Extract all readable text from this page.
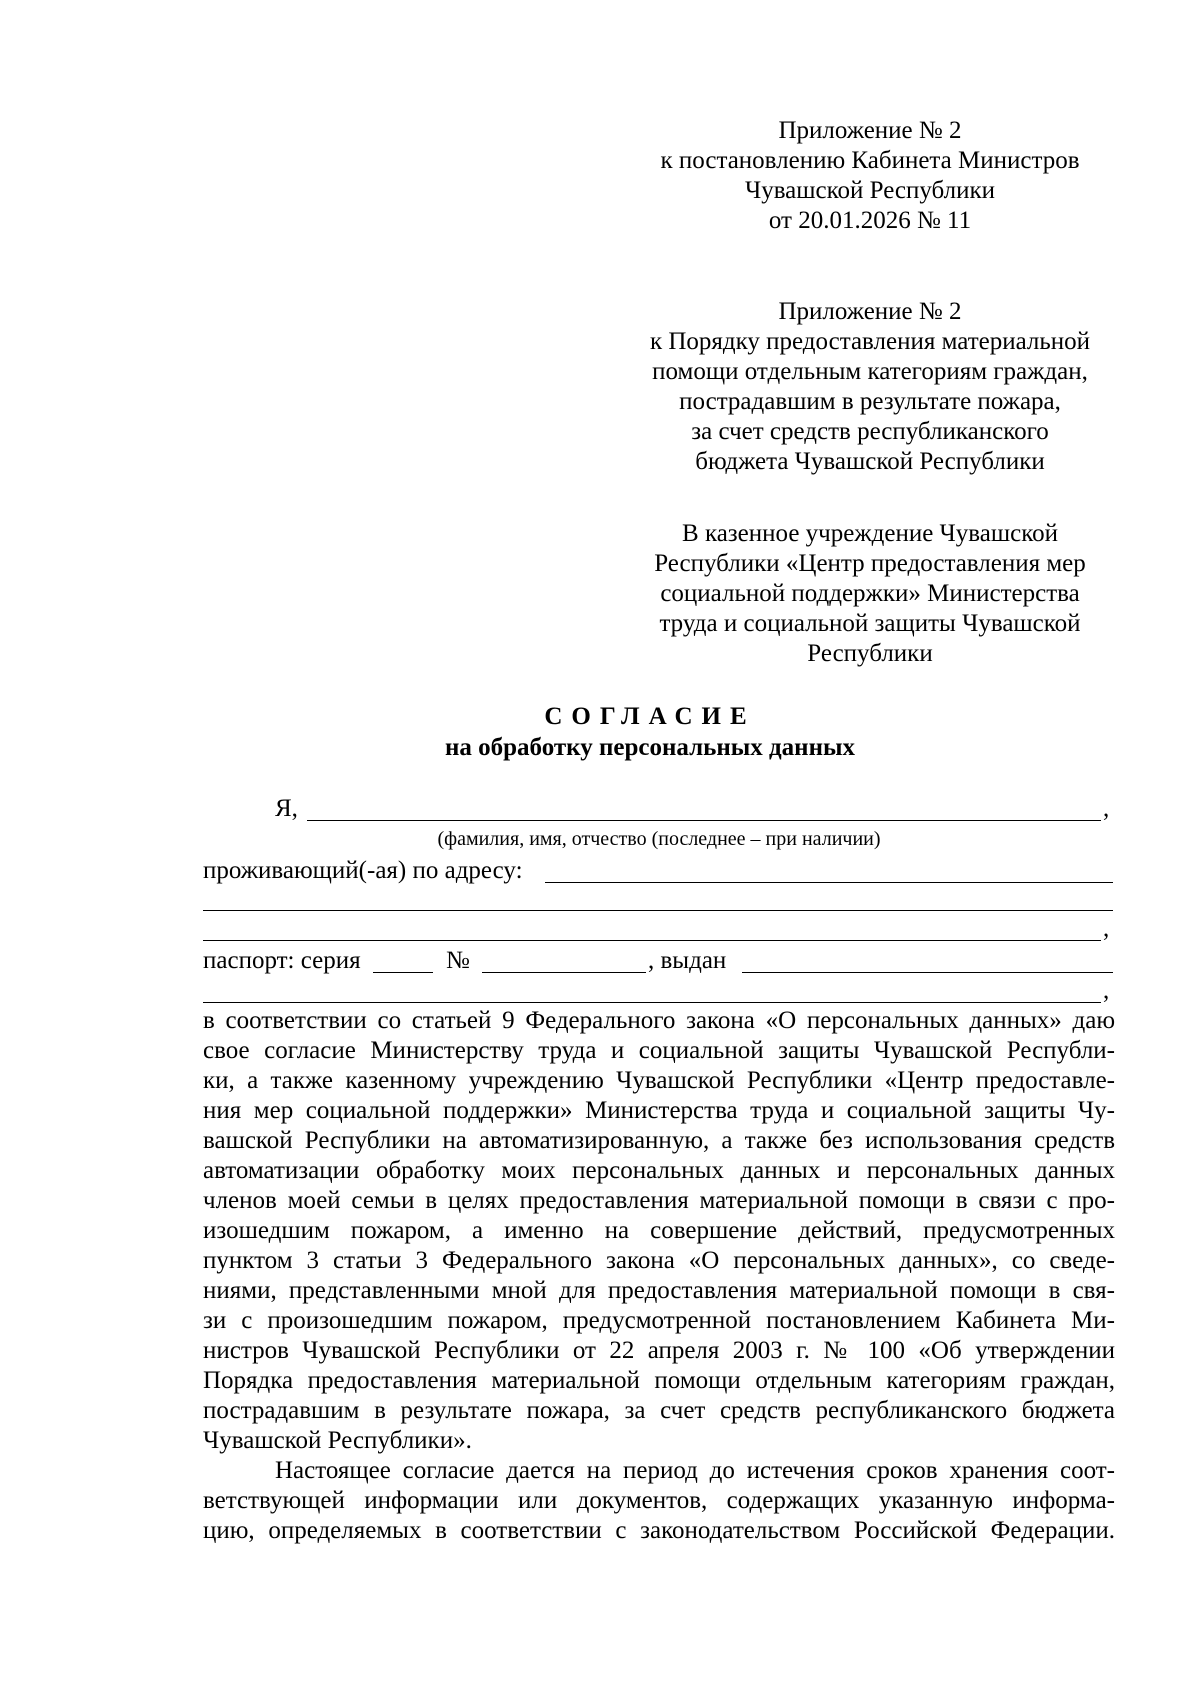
Приложение № 2
к постановлению Кабинета Министров
Чувашской Республики
от 20.01.2026 № 11
Приложение № 2
к Порядку предоставления материальной
помощи отдельным категориям граждан,
пострадавшим в результате пожара,
за счет средств республиканского
бюджета Чувашской Республики
В казенное учреждение Чувашской
Республики «Центр предоставления мер
социальной поддержки» Министерства
труда и социальной защиты Чувашской
Республики
СОГЛАСИЕ
на обработку персональных данных
Я,	,
(фамилия, имя, отчество (последнее – при наличии)
проживающий(-ая) по адресу:
,
паспорт: серия	№	, выдан
,
в соответствии со статьей 9 Федерального закона «О персональных данных» даю
свое согласие Министерству труда и социальной защиты Чувашской Республи-
ки, а также казенному учреждению Чувашской Республики «Центр предоставле-
ния мер социальной поддержки» Министерства труда и социальной защиты Чу-
вашской Республики на автоматизированную, а также без использования средств
автоматизации обработку моих персональных данных и персональных данных
членов моей семьи в целях предоставления материальной помощи в связи с про-
изошедшим пожаром, а именно на совершение действий, предусмотренных
пунктом 3 статьи 3 Федерального закона «О персональных данных», со сведе-
ниями, представленными мной для предоставления материальной помощи в свя-
зи с произошедшим пожаром, предусмотренной постановлением Кабинета Ми-
нистров Чувашской Республики от 22 апреля 2003 г. № 100 «Об утверждении
Порядка предоставления материальной помощи отдельным категориям граждан,
пострадавшим в результате пожара, за счет средств республиканского бюджета
Чувашской Республики».
Настоящее согласие дается на период до истечения сроков хранения соот-
ветствующей информации или документов, содержащих указанную информа-
цию, определяемых в соответствии с законодательством Российской Федерации.
